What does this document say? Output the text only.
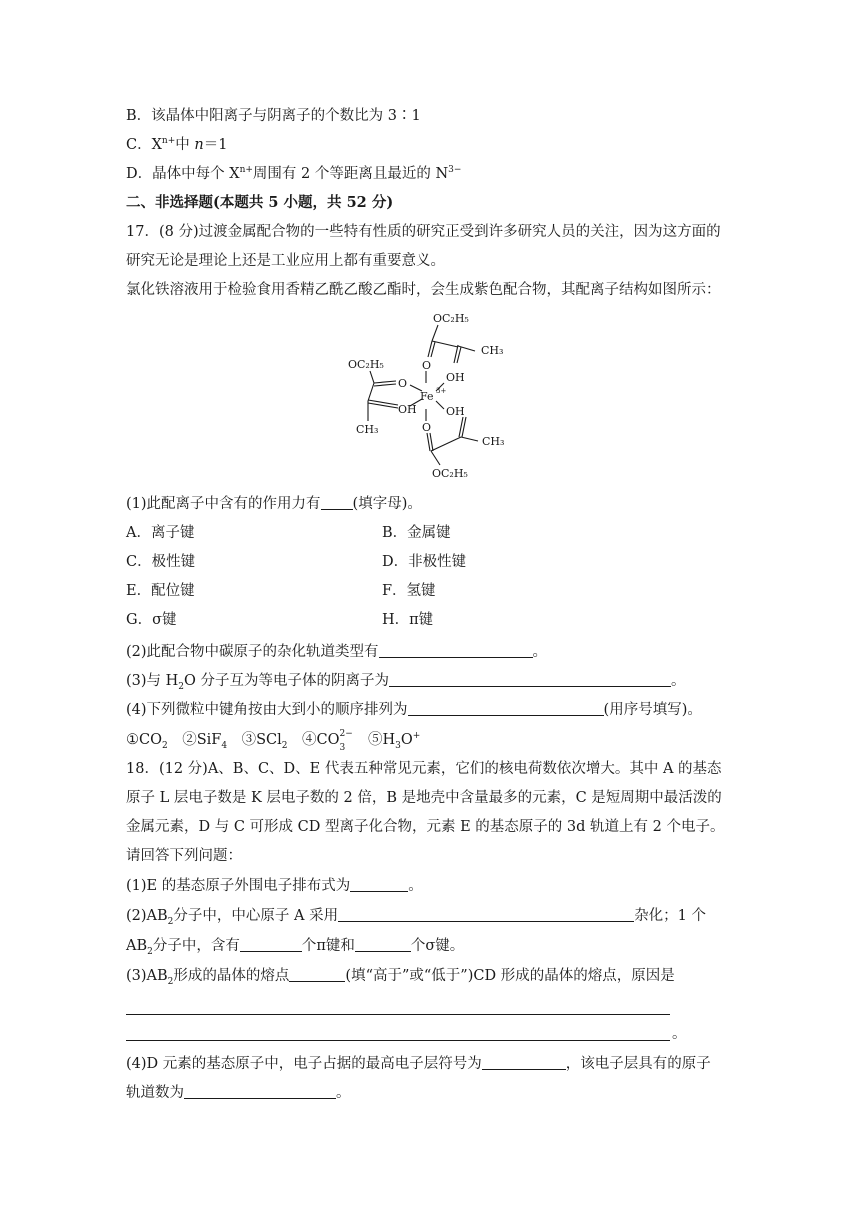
B．该晶体中阳离子与阴离子的个数比为 3∶1
C．$X^{n+}$中 n＝1
D．晶体中每个 $X^{n+}$周围有 2 个等距离且最近的 $N^{3-}$
二、非选择题(本题共 5 小题，共 52 分)
17．(8 分)过渡金属配合物的一些特有性质的研究正受到许多研究人员的关注，因为这方面的
研究无论是理论上还是工业应用上都有重要意义。
氯化铁溶液用于检验食用香精乙酰乙酸乙酯时，会生成紫色配合物，其配离子结构如图所示：
OC₂H₅
CH₃
O
OH
OC₂H₅
O
OH
CH₃
Fe 3+
OH
O
CH₃
OC₂H₅
(1)此配离子中含有的作用力有 (填字母)。
A．离子键	B．金属键
C．极性键	D．非极性键
E．配位键	F．氢键
G．σ键	H．π键
(2)此配合物中碳原子的杂化轨道类型有	。
(3)与 $H_2O$ 分子互为等电子体的阴离子为	。
(4)下列微粒中键角按由大到小的顺序排列为	(用序号填写)。
$①CO_2$　 ②SiF$_4$　 ③SCl$_2$　 ④CO 2−
3
　 $⑤H_3O^+$
18．(12 分)A、B、C、D、E 代表五种常见元素，它们的核电荷数依次增大。其中 A 的基态
原子 L 层电子数是 K 层电子数的 2 倍，B 是地壳中含量最多的元素，C 是短周期中最活泼的
金属元素，D 与 C 可形成 CD 型离子化合物，元素 E 的基态原子的 3d 轨道上有 2 个电子。
请回答下列问题：
(1)E 的基态原子外围电子排布式为	。
$(2)AB_2$分子中，中心原子 A 采用	杂化；1 个
$AB_2$分子中，含有	个π键和	个σ键。
$(3)AB_2$形成的晶体的熔点	(填“高于”或“低于”)CD 形成的晶体的熔点，原因是
。
(4)D 元素的基态原子中，电子占据的最高电子层符号为	，该电子层具有的原子
轨道数为	。
